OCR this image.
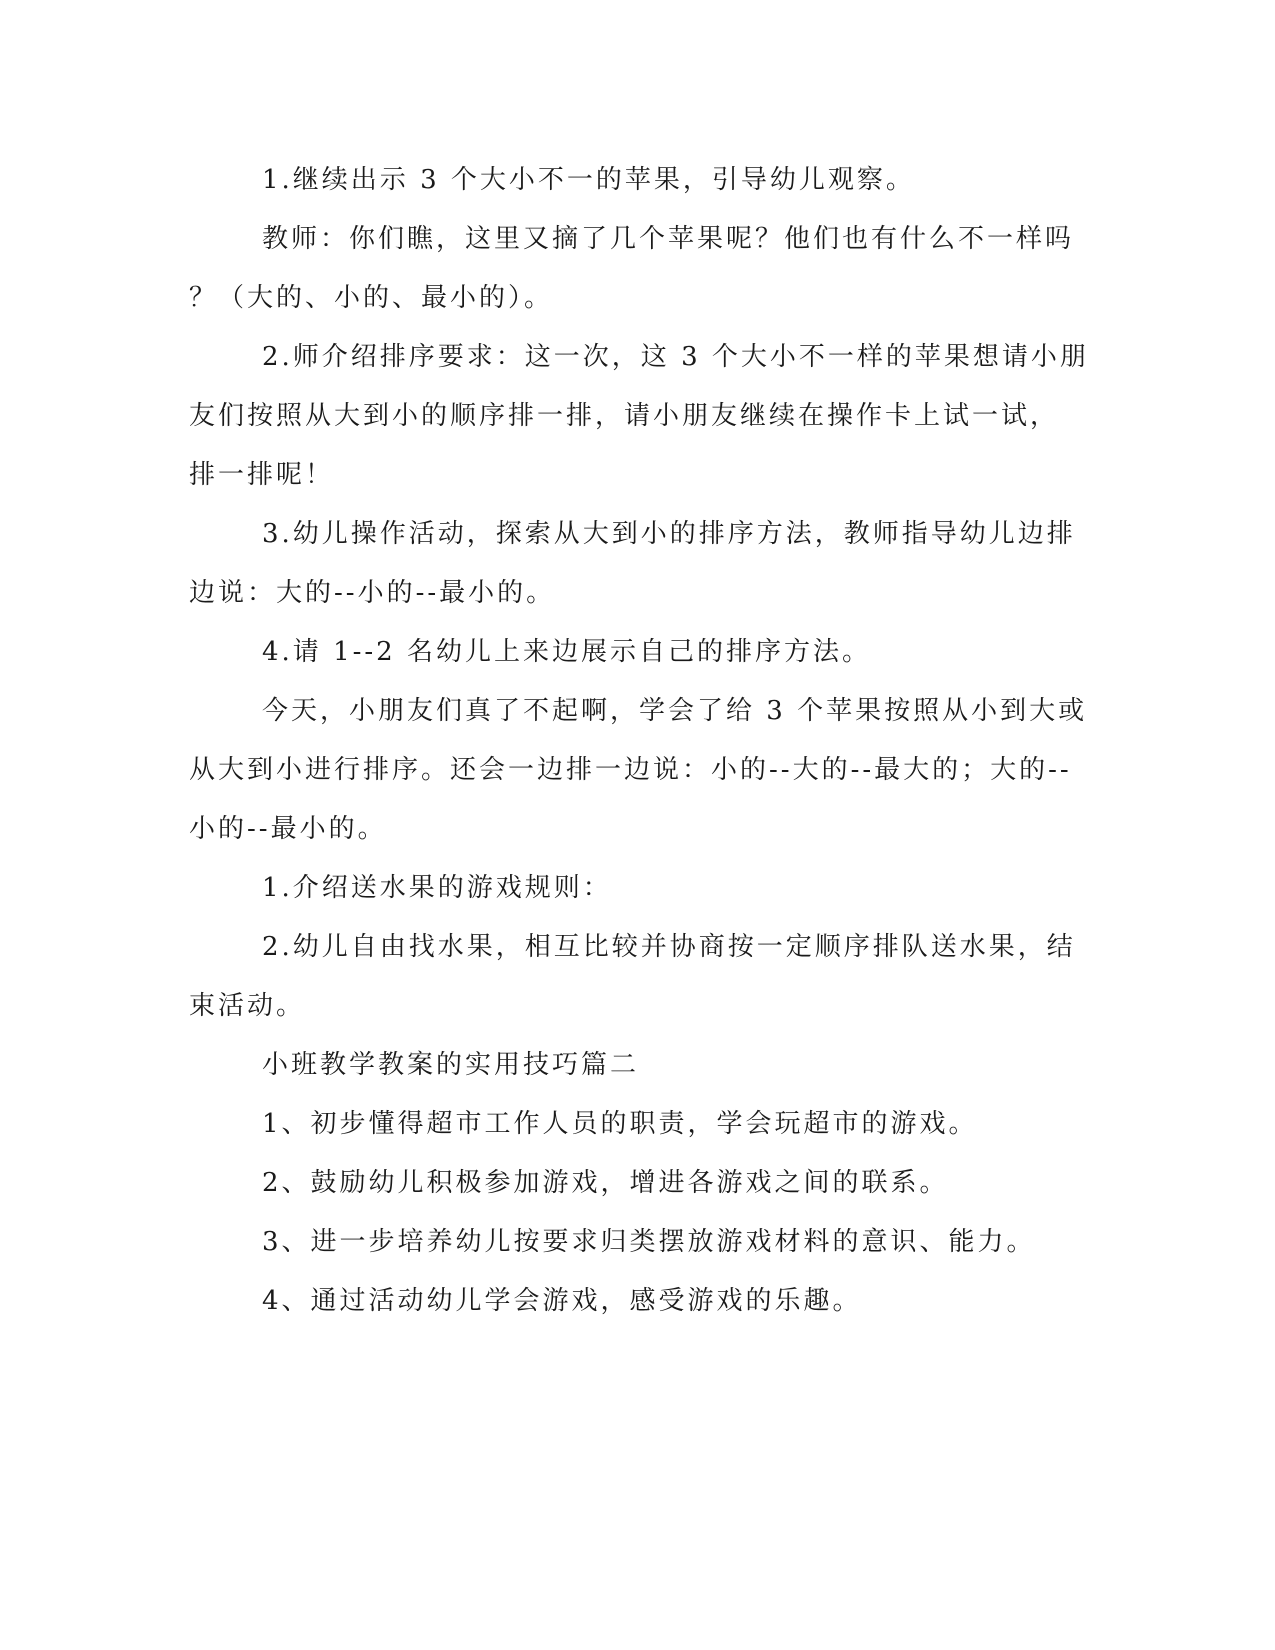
1.继续出示 3 个大小不一的苹果，引导幼儿观察。
教师：你们瞧，这里又摘了几个苹果呢？他们也有什么不一样吗
？（大的、小的、最小的）。
2.师介绍排序要求：这一次，这 3 个大小不一样的苹果想请小朋
友们按照从大到小的顺序排一排，请小朋友继续在操作卡上试一试，
排一排呢！
3.幼儿操作活动，探索从大到小的排序方法，教师指导幼儿边排
边说：大的--小的--最小的。
4.请 1--2 名幼儿上来边展示自己的排序方法。
今天，小朋友们真了不起啊，学会了给 3 个苹果按照从小到大或
从大到小进行排序。还会一边排一边说：小的--大的--最大的；大的--
小的--最小的。
1.介绍送水果的游戏规则：
2.幼儿自由找水果，相互比较并协商按一定顺序排队送水果，结
束活动。
小班教学教案的实用技巧篇二
1、初步懂得超市工作人员的职责，学会玩超市的游戏。
2、鼓励幼儿积极参加游戏，增进各游戏之间的联系。
3、进一步培养幼儿按要求归类摆放游戏材料的意识、能力。
4、通过活动幼儿学会游戏，感受游戏的乐趣。
